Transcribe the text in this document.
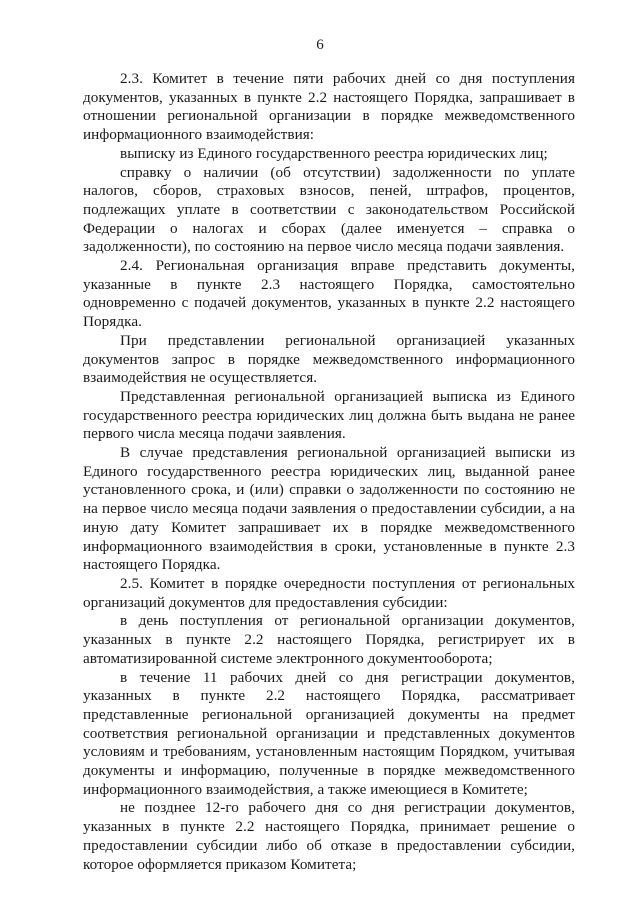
6

2.3. Комитет в течение пяти рабочих дней со дня поступления документов, указанных в пункте 2.2 настоящего Порядка, запрашивает в отношении региональной организации в порядке межведомственного информационного взаимодействия:

выписку из Единого государственного реестра юридических лиц;

справку о наличии (об отсутствии) задолженности по уплате налогов, сборов, страховых взносов, пеней, штрафов, процентов, подлежащих уплате в соответствии с законодательством Российской Федерации о налогах и сборах (далее именуется – справка о задолженности), по состоянию на первое число месяца подачи заявления.

2.4. Региональная организация вправе представить документы, указанные в пункте 2.3 настоящего Порядка, самостоятельно одновременно с подачей документов, указанных в пункте 2.2 настоящего Порядка.

При представлении региональной организацией указанных документов запрос в порядке межведомственного информационного взаимодействия не осуществляется.

Представленная региональной организацией выписка из Единого государственного реестра юридических лиц должна быть выдана не ранее первого числа месяца подачи заявления.

В случае представления региональной организацией выписки из Единого государственного реестра юридических лиц, выданной ранее установленного срока, и (или) справки о задолженности по состоянию не на первое число месяца подачи заявления о предоставлении субсидии, а на иную дату Комитет запрашивает их в порядке межведомственного информационного взаимодействия в сроки, установленные в пункте 2.3 настоящего Порядка.

2.5. Комитет в порядке очередности поступления от региональных организаций документов для предоставления субсидии:

в день поступления от региональной организации документов, указанных в пункте 2.2 настоящего Порядка, регистрирует их в автоматизированной системе электронного документооборота;

в течение 11 рабочих дней со дня регистрации документов, указанных в пункте 2.2 настоящего Порядка, рассматривает представленные региональной организацией документы на предмет соответствия региональной организации и представленных документов условиям и требованиям, установленным настоящим Порядком, учитывая документы и информацию, полученные в порядке межведомственного информационного взаимодействия, а также имеющиеся в Комитете;

не позднее 12-го рабочего дня со дня регистрации документов, указанных в пункте 2.2 настоящего Порядка, принимает решение о предоставлении субсидии либо об отказе в предоставлении субсидии, которое оформляется приказом Комитета;
